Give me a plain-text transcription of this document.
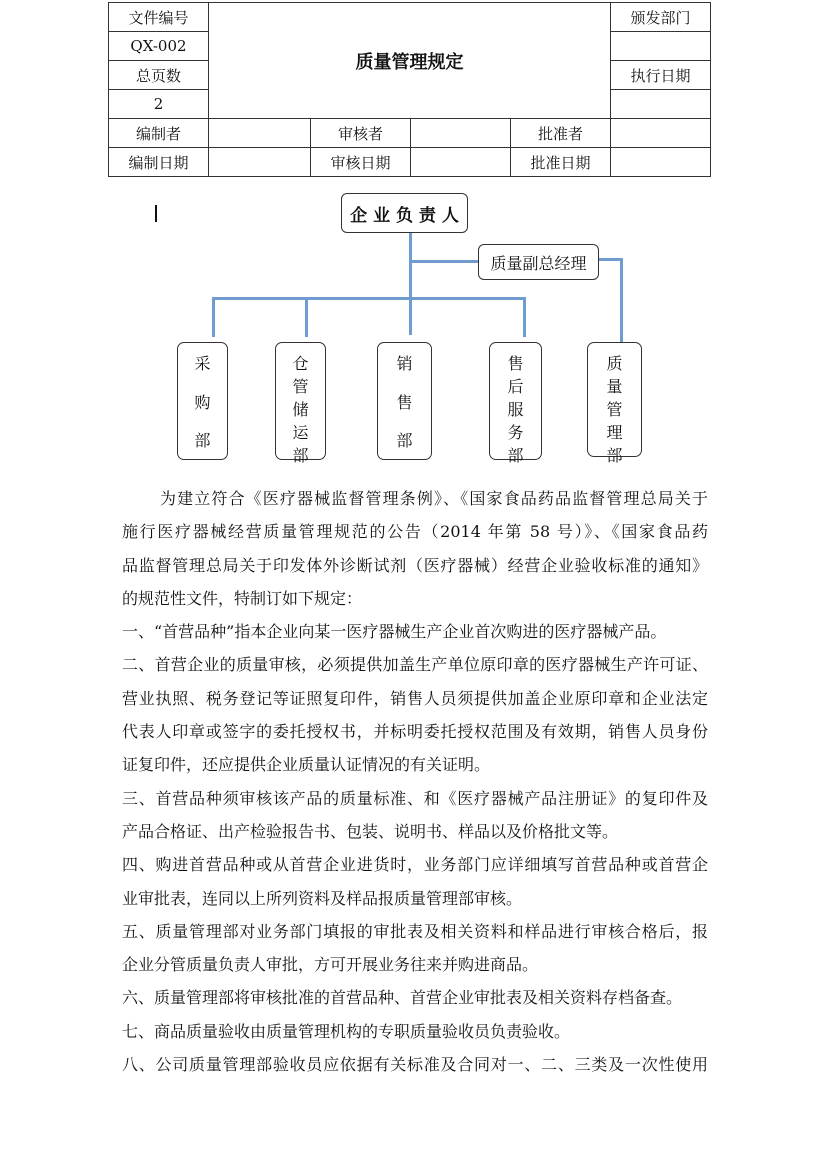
文件编号	质量管理规定				颁发部门
QX-002					
总页数					执行日期
2					
编制者		审核者		批准者	
编制日期		审核日期		批准日期	
企 业 负 责 人
质量副总经理
采
购
部
仓
管
储
运
部
销
售
部
售
后
服
务
部
质
量
管
理
部
为建立符合《医疗器械监督管理条例》、《国家食品药品监督管理总局关于
施行医疗器械经营质量管理规范的公告（2014 年第 58 号）》、《国家食品药
品监督管理总局关于印发体外诊断试剂（医疗器械）经营企业验收标准的通知》
的规范性文件，特制订如下规定：
一、“首营品种”指本企业向某一医疗器械生产企业首次购进的医疗器械产品。
二、首营企业的质量审核，必须提供加盖生产单位原印章的医疗器械生产许可证、
营业执照、税务登记等证照复印件，销售人员须提供加盖企业原印章和企业法定
代表人印章或签字的委托授权书，并标明委托授权范围及有效期，销售人员身份
证复印件，还应提供企业质量认证情况的有关证明。
三、首营品种须审核该产品的质量标准、和《医疗器械产品注册证》的复印件及
产品合格证、出产检验报告书、包装、说明书、样品以及价格批文等。
四、购进首营品种或从首营企业进货时，业务部门应详细填写首营品种或首营企
业审批表，连同以上所列资料及样品报质量管理部审核。
五、质量管理部对业务部门填报的审批表及相关资料和样品进行审核合格后，报
企业分管质量负责人审批，方可开展业务往来并购进商品。
六、质量管理部将审核批准的首营品种、首营企业审批表及相关资料存档备查。
七、商品质量验收由质量管理机构的专职质量验收员负责验收。
八、公司质量管理部验收员应依据有关标准及合同对一、二、三类及一次性使用
